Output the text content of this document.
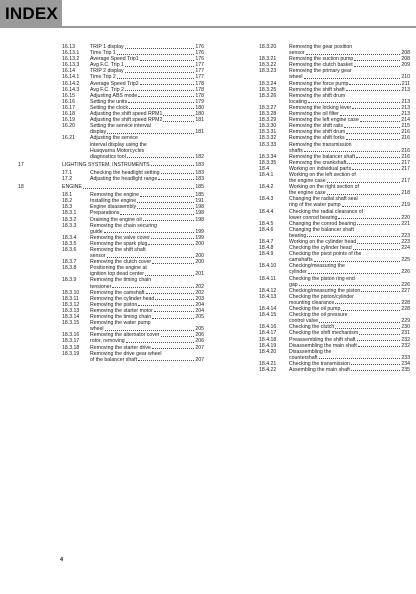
INDEX
16.13	TRIP 1 display	176
16.13.1	Time Trip 1	176
16.13.2	Average Speed Trip1	176
16.13.3	Avg F.C. Trip 1	177
16.14	TRIP 2 display	177
16.14.1	Time Trip 2	177
16.14.2	Average Speed Trip2	178
16.14.3	Avg F.C. Trip 2	178
16.15	Adjusting ABS mode	178
16.16	Setting the units	179
16.17	Setting the clock	180
16.18	Adjusting the shift speed RPM1	180
16.19	Adjusting the shift speed RPM2	181
16.20	Setting the service interval
display	181
16.21	Adjusting the service
interval display using the
Husqvarna Motorcycles
diagnostics tool	182
17	LIGHTING SYSTEM, INSTRUMENTS	183
17.1	Checking the headlight setting	183
17.2	Adjusting the headlight range	183
18	ENGINE	185
18.1	Removing the engine	185
18.2	Installing the engine	191
18.3	Engine disassembly	198
18.3.1	Preparations	198
18.3.2	Draining the engine oil	198
18.3.3	Removing the chain securing
guide	199
18.3.4	Removing the valve cover	199
18.3.5	Removing the spark plug	200
18.3.6	Removing the shift shaft
sensor	200
18.3.7	Removing the clutch cover	200
18.3.8	Positioning the engine at
ignition top dead center	201
18.3.9	Removing the timing chain
tensioner	202
18.3.10	Removing the camshaft	202
18.3.11	Removing the cylinder head	203
18.3.12	Removing the piston	204
18.3.13	Removing the starter motor	204
18.3.14	Removing the timing chain	205
18.3.15	Removing the water pump
wheel	205
18.3.16	Removing the alternator cover	206
18.3.17	rotor, removing	206
18.3.18	Removing the starter drive	207
18.3.19	Removing the drive gear wheel
of the balancer shaft	207
18.3.20	Removing the gear position
sensor	208
18.3.21	Removing the suction pump	208
18.3.22	Removing the clutch basket	209
18.3.23	Removing the primary gear
wheel	210
18.3.24	Removing the force pump	211
18.3.25	Removing the shift shaft	213
18.3.26	Removing the shift drum
locating	213
18.3.27	Removing the locking lever	213
18.3.28	Removing the oil filter	213
18.3.29	Removing the left engine case	214
18.3.30	Removing the shift rails	215
18.3.31	Removing the shift drum	216
18.3.32	Removing the shift forks	216
18.3.33	Removing the transmission
shafts	216
18.3.34	Removing the balancer shaft	216
18.3.35	Removing the crankshaft	217
18.4	Working on individual parts	217
18.4.1	Working on the left section of
the engine case	217
18.4.2	Working on the right section of
the engine case	218
18.4.3	Changing the radial shaft seal
ring of the water pump	219
18.4.4	Checking the radial clearance of
lower conrod bearing	220
18.4.5	Changing the conrod bearing	221
18.4.6	Changing the balancer shaft
bearing	223
18.4.7	Working on the cylinder head	223
18.4.8	Checking the cylinder head	224
18.4.9	Checking the pivot points of the
camshafts	225
18.4.10	Checking/measuring the
cylinder	226
18.4.11	Checking the piston ring end
gap	226
18.4.12	Checking/measuring the piston	227
18.4.13	Checking the piston/cylinder
mounting clearance	228
18.4.14	Checking the oil pump	228
18.4.15	Checking the oil pressure
control valve	229
18.4.16	Checking the clutch	230
18.4.17	Checking the shift mechanism	231
18.4.18	Preassembling the shift shaft	232
18.4.19	Disassembling the main shaft	232
18.4.20	Disassembling the
countershaft	233
18.4.21	Checking the transmission	234
18.4.22	Assembling the main shaft	235
4
